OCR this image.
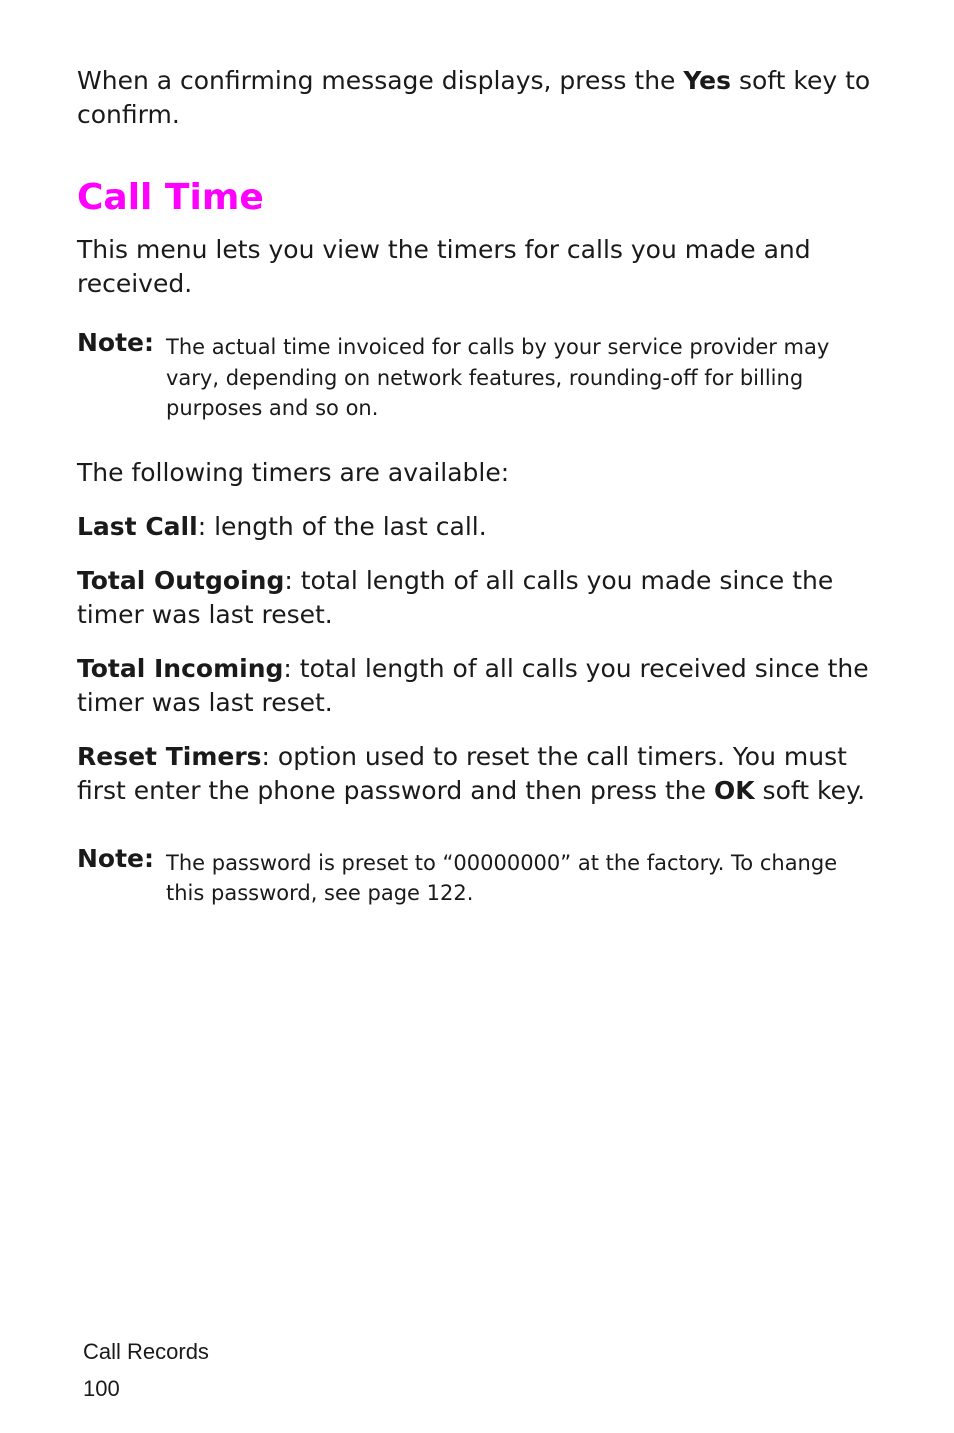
When a confirming message displays, press the Yes soft key to confirm.

Call Time

This menu lets you view the timers for calls you made and received.

Note: The actual time invoiced for calls by your service provider may vary, depending on network features, rounding-off for billing purposes and so on.

The following timers are available:

Last Call: length of the last call.

Total Outgoing: total length of all calls you made since the timer was last reset.

Total Incoming: total length of all calls you received since the timer was last reset.

Reset Timers: option used to reset the call timers. You must first enter the phone password and then press the OK soft key.

Note: The password is preset to “00000000” at the factory. To change this password, see page 122.
Call Records
100
